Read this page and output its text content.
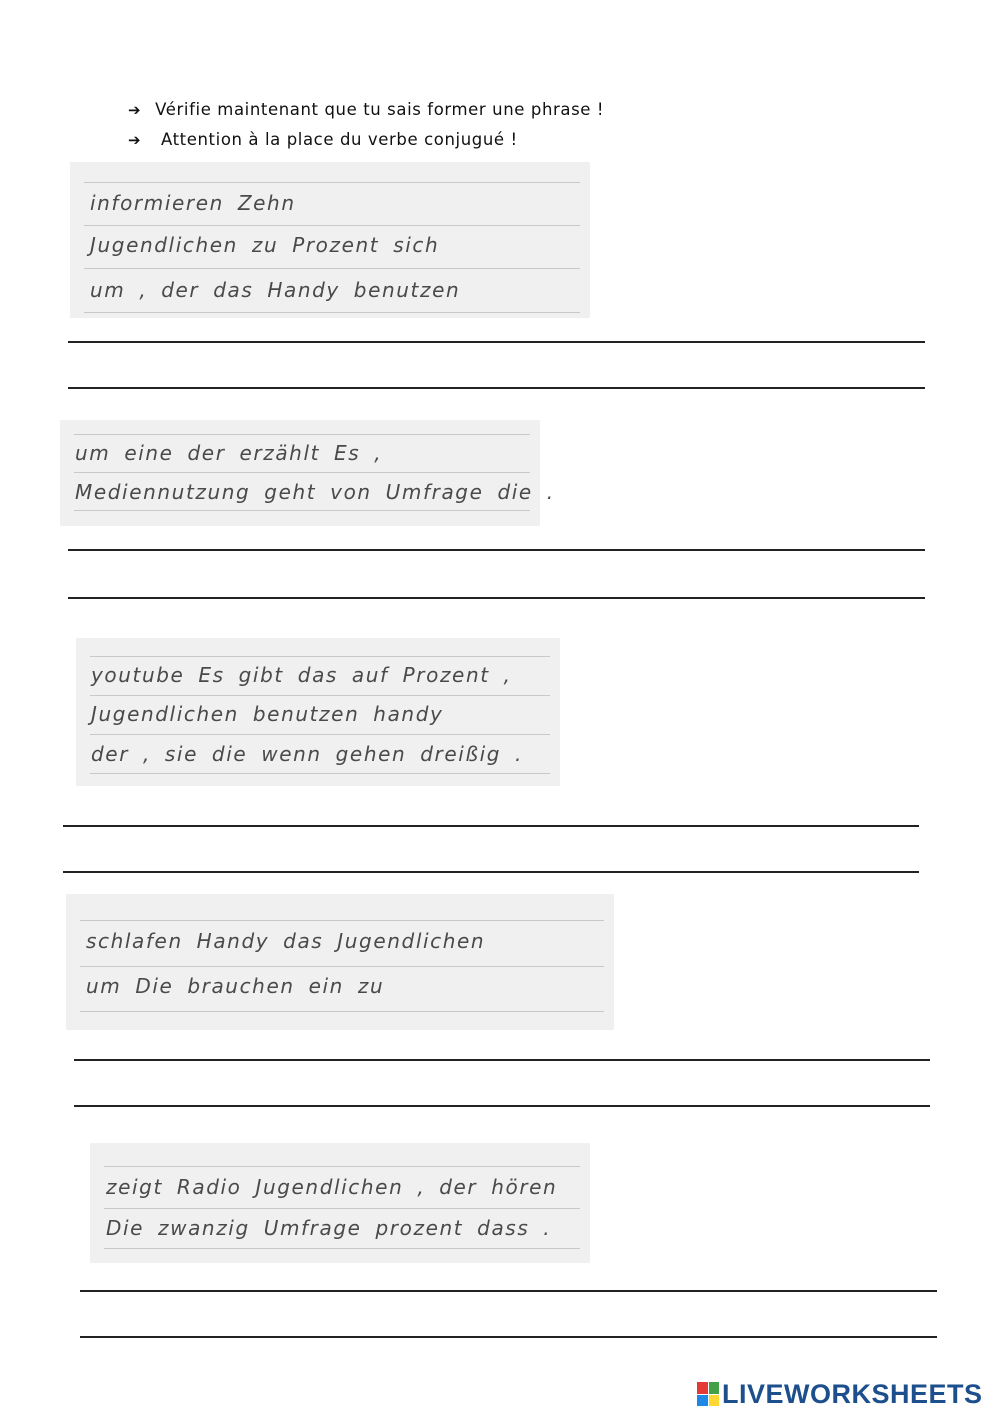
➔ Vérifie maintenant que tu sais former une phrase !
➔ Attention à la place du verbe conjugué !
informieren Zehn
Jugendlichen zu Prozent sich
um , der das Handy benutzen
um eine der erzählt Es ,
Mediennutzung geht von Umfrage die .
youtube Es gibt das auf Prozent ,
Jugendlichen benutzen handy
der , sie die wenn gehen dreißig .
schlafen Handy das Jugendlichen
um Die brauchen ein zu
zeigt Radio Jugendlichen , der hören
Die zwanzig Umfrage prozent dass .
LIVEWORKSHEETS
